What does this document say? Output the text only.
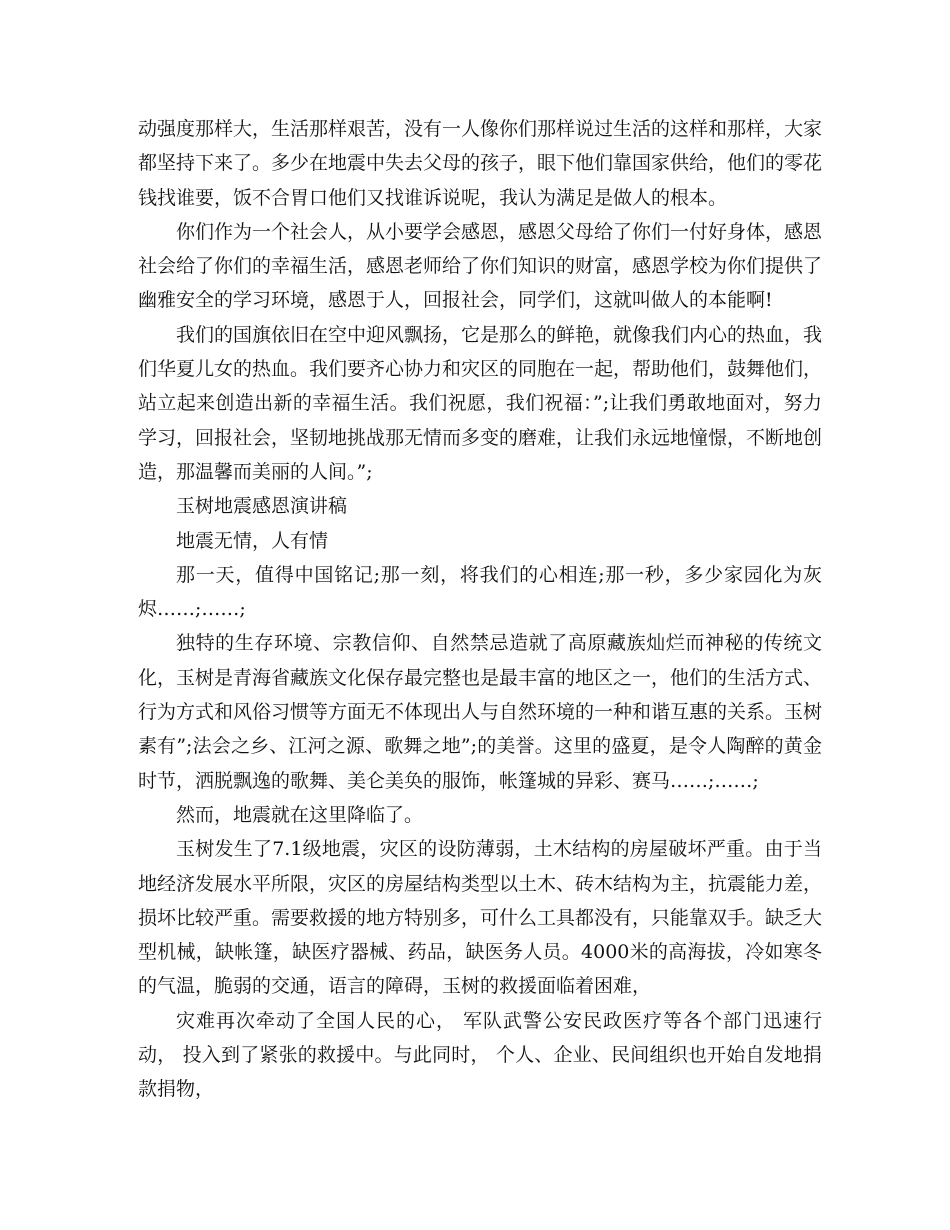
动强度那样大，生活那样艰苦，没有一人像你们那样说过生活的这样和那样，大家都坚持下来了。多少在地震中失去父母的孩子，眼下他们靠国家供给，他们的零花钱找谁要，饭不合胃口他们又找谁诉说呢，我认为满足是做人的根本。

你们作为一个社会人，从小要学会感恩，感恩父母给了你们一付好身体，感恩社会给了你们的幸福生活，感恩老师给了你们知识的财富，感恩学校为你们提供了幽雅安全的学习环境，感恩于人，回报社会，同学们，这就叫做人的本能啊!

我们的国旗依旧在空中迎风飘扬，它是那么的鲜艳，就像我们内心的热血，我们华夏儿女的热血。我们要齐心协力和灾区的同胞在一起，帮助他们，鼓舞他们，站立起来创造出新的幸福生活。我们祝愿，我们祝福：”;让我们勇敢地面对，努力学习，回报社会，坚韧地挑战那无情而多变的磨难，让我们永远地憧憬，不断地创造，那温馨而美丽的人间。”;

玉树地震感恩演讲稿

地震无情，人有情

那一天，值得中国铭记;那一刻，将我们的心相连;那一秒，多少家园化为灰烬……;……;

独特的生存环境、宗教信仰、自然禁忌造就了高原藏族灿烂而神秘的传统文化，玉树是青海省藏族文化保存最完整也是最丰富的地区之一，他们的生活方式、行为方式和风俗习惯等方面无不体现出人与自然环境的一种和谐互惠的关系。玉树素有”;法会之乡、江河之源、歌舞之地”;的美誉。这里的盛夏，是令人陶醉的黄金时节，洒脱飘逸的歌舞、美仑美奂的服饰，帐篷城的异彩、赛马……;……;

然而，地震就在这里降临了。

玉树发生了7.1级地震，灾区的设防薄弱，土木结构的房屋破坏严重。由于当地经济发展水平所限，灾区的房屋结构类型以土木、砖木结构为主，抗震能力差，损坏比较严重。需要救援的地方特别多，可什么工具都没有，只能靠双手。缺乏大型机械，缺帐篷，缺医疗器械、药品，缺医务人员。4000米的高海拔，冷如寒冬的气温，脆弱的交通，语言的障碍，玉树的救援面临着困难，

灾难再次牵动了全国人民的心， 军队武警公安民政医疗等各个部门迅速行动， 投入到了紧张的救援中。与此同时， 个人、企业、民间组织也开始自发地捐款捐物，
